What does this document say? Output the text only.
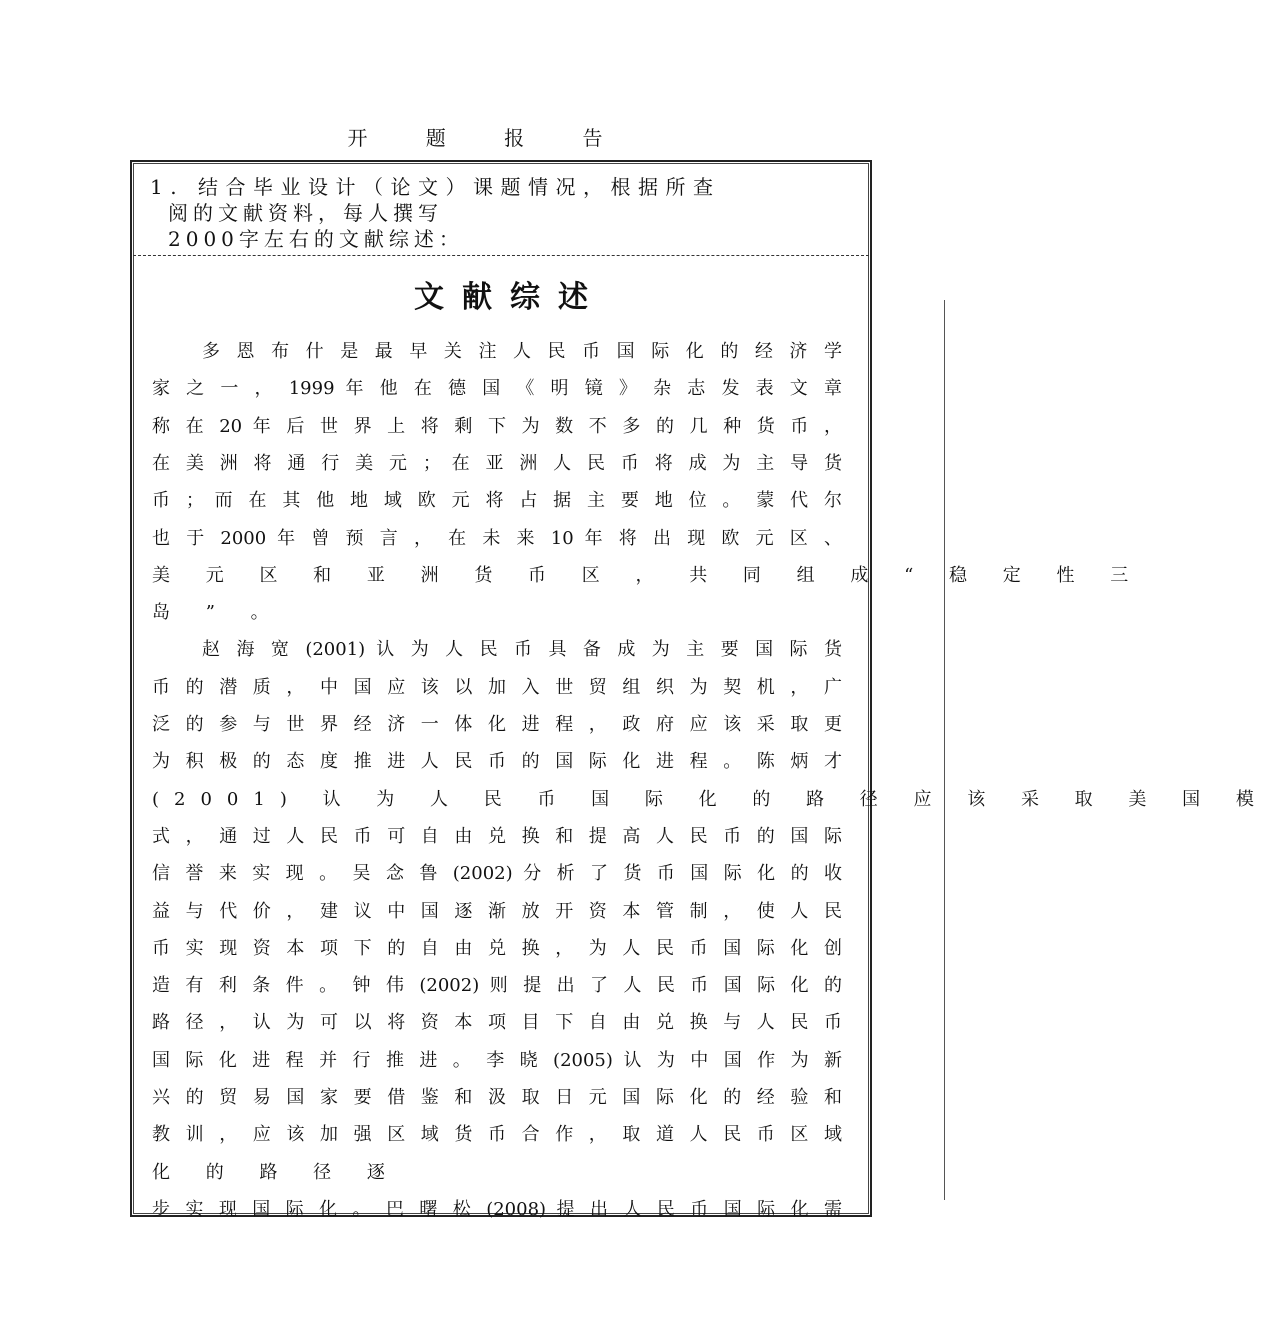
开 题 报 告
1. 结合毕业设计（论文）课题情况，根据所查
阅的文献资料，每人撰写
2000字左右的文献综述：
文献综述
多 恩 布 什 是 最 早 关 注 人 民 币 国 际 化 的 经 济 学
家 之 一 ， 1999 年 他 在 德 国 《 明 镜 》 杂 志 发 表 文 章
称 在 20 年 后 世 界 上 将 剩 下 为 数 不 多 的 几 种 货 币 ，
在 美 洲 将 通 行 美 元 ； 在 亚 洲 人 民 币 将 成 为 主 导 货
币 ； 而 在 其 他 地 域 欧 元 将 占 据 主 要 地 位 。 蒙 代 尔
也 于 2000 年 曾 预 言 ， 在 未 来 10 年 将 出 现 欧 元 区 、
美 元 区 和 亚 洲 货 币 区 ， 共 同 组 成 “ 稳 定 性 三
岛 ” 。
赵 海 宽 (2001) 认 为 人 民 币 具 备 成 为 主 要 国 际 货
币 的 潜 质 ， 中 国 应 该 以 加 入 世 贸 组 织 为 契 机 ， 广
泛 的 参 与 世 界 经 济 一 体 化 进 程 ， 政 府 应 该 采 取 更
为 积 极 的 态 度 推 进 人 民 币 的 国 际 化 进 程 。 陈 炳 才
(2001) 认 为 人 民 币 国 际 化 的 路 径 应 该 采 取 美 国 模
式 ， 通 过 人 民 币 可 自 由 兑 换 和 提 高 人 民 币 的 国 际
信 誉 来 实 现 。 吴 念 鲁 (2002) 分 析 了 货 币 国 际 化 的 收
益 与 代 价 ， 建 议 中 国 逐 渐 放 开 资 本 管 制 ， 使 人 民
币 实 现 资 本 项 下 的 自 由 兑 换 ， 为 人 民 币 国 际 化 创
造 有 利 条 件 。 钟 伟 (2002) 则 提 出 了 人 民 币 国 际 化 的
路 径 ， 认 为 可 以 将 资 本 项 目 下 自 由 兑 换 与 人 民 币
国 际 化 进 程 并 行 推 进 。 李 晓 (2005) 认 为 中 国 作 为 新
兴 的 贸 易 国 家 要 借 鉴 和 汲 取 日 元 国 际 化 的 经 验 和
教 训 ， 应 该 加 强 区 域 货 币 合 作 ， 取 道 人 民 币 区 域
化 的 路 径 逐
步 实 现 国 际 化 。 巴 曙 松 (2008) 提 出 人 民 币 国 际 化 需
